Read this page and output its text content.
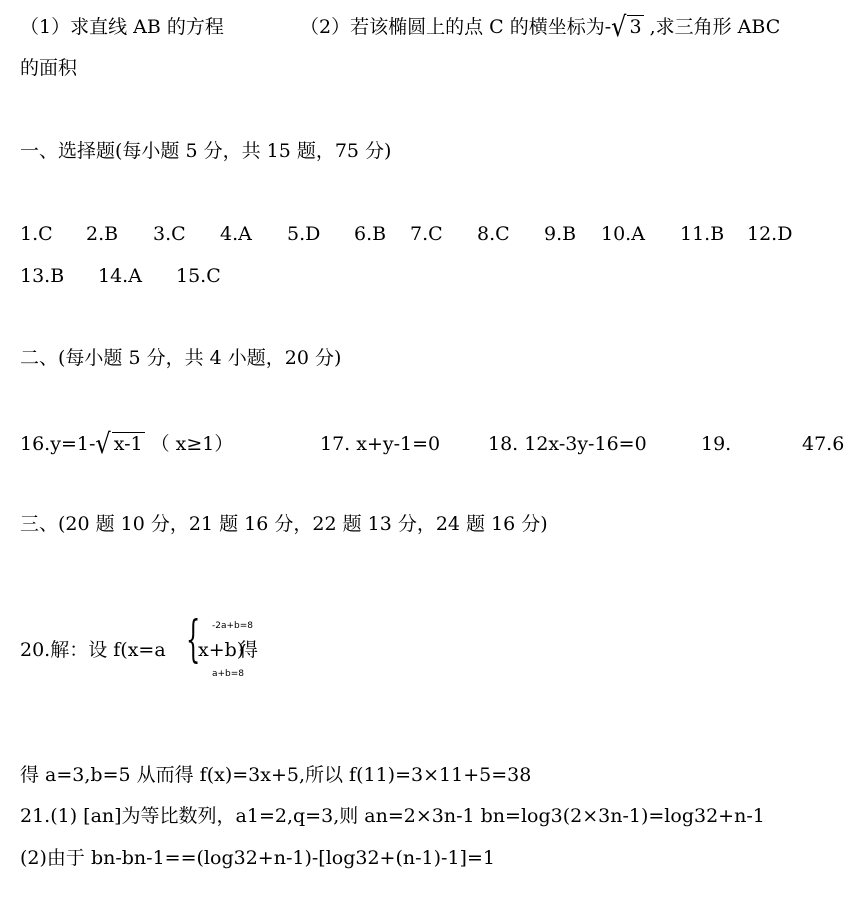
（1）求直线 AB 的方程	（2）若该椭圆上的点 C 的横坐标为-√ 3 ,求三角形 ABC
的面积
一、选择题(每小题 5 分，共 15 题，75 分)
1.C 2.B 3.C 4.A 5.D 6.B 7.C 8.C 9.B 10.A 11.B 12.D
13.B 14.A 15.C
二、(每小题 5 分，共 4 小题，20 分)
16.y=1-√ x-1 （ x≥1）	17. x+y-1=0	18. 12x-3y-16=0	19.	47.6
三、(20 题 10 分，21 题 16 分，22 题 13 分，24 题 16 分)
20.解：设 f(x=a {
x+b)
得
-2a+b=8
a+b=8
得 a=3,b=5 从而得 f(x)=3x+5,所以 f(11)=3×11+5=38
21.(1) [an]为等比数列，a1=2,q=3,则 an=2×3n-1 bn=log3(2×3n-1)=log32+n-1
(2)由于 bn-bn-1==(log32+n-1)-[log32+(n-1)-1]=1
